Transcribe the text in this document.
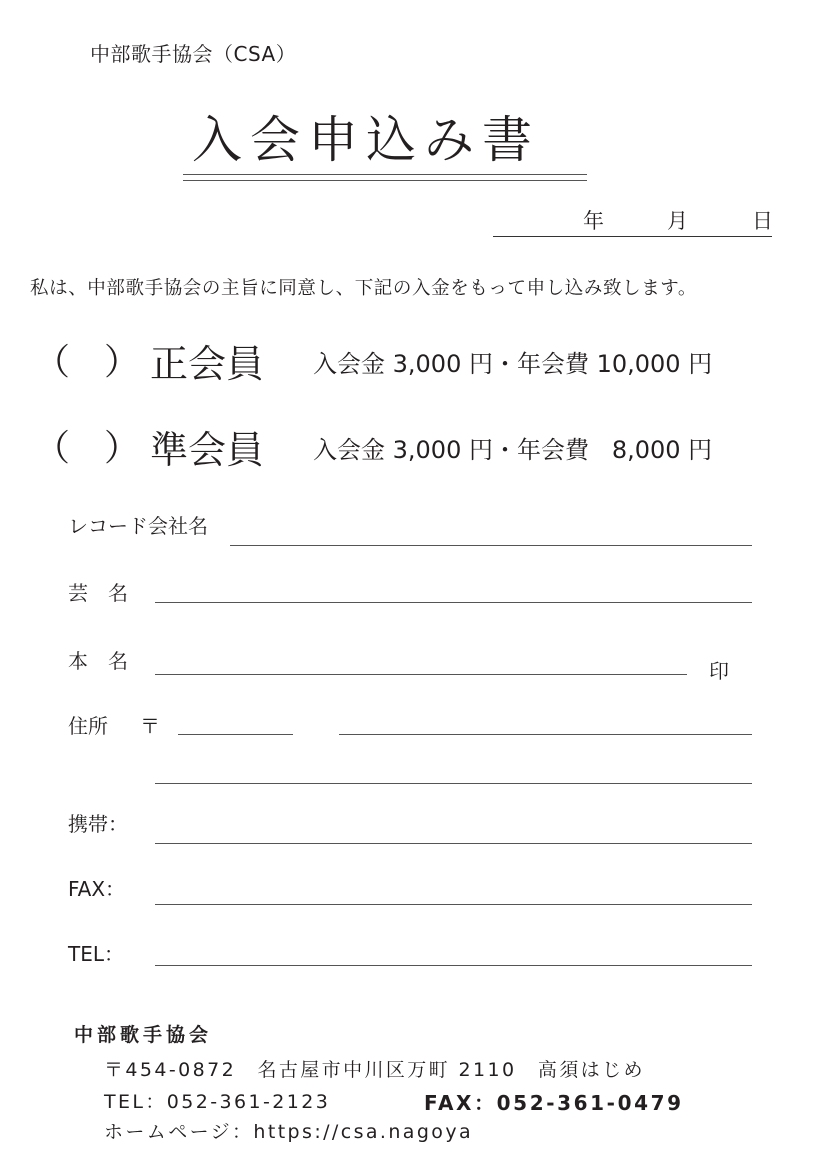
中部歌手協会（CSA）
入会申込み書
年	月	日
私は、中部歌手協会の主旨に同意し、下記の入金をもって申し込み致します。
（ ） 正会員 入会金 3,000 円・年会費 10,000 円
（ ） 準会員 入会金 3,000 円・年会費   8,000 円
レコード会社名
芸　名
本　名	印
住所 〒
携帯：
FAX：
TEL：
中部歌手協会
〒454-0872　名古屋市中川区万町 2110　高須はじめ
TEL：052-361-2123	FAX：052-361-0479
ホームページ：https://csa.nagoya
